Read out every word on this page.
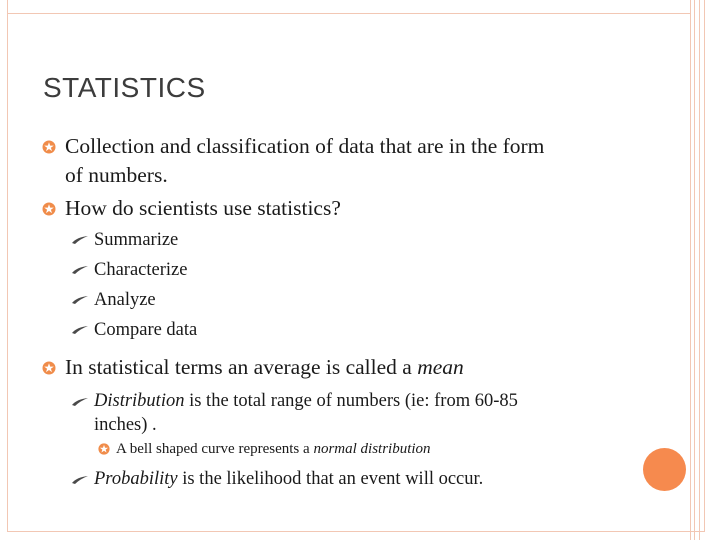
STATISTICS
Collection and classification of data that are in the form
of numbers.
How do scientists use statistics?
Summarize
Characterize
Analyze
Compare data
In statistical terms an average is called a mean
Distribution is the total range of numbers (ie: from 60-85
inches) .
A bell shaped curve represents a normal distribution
Probability is the likelihood that an event will occur.
